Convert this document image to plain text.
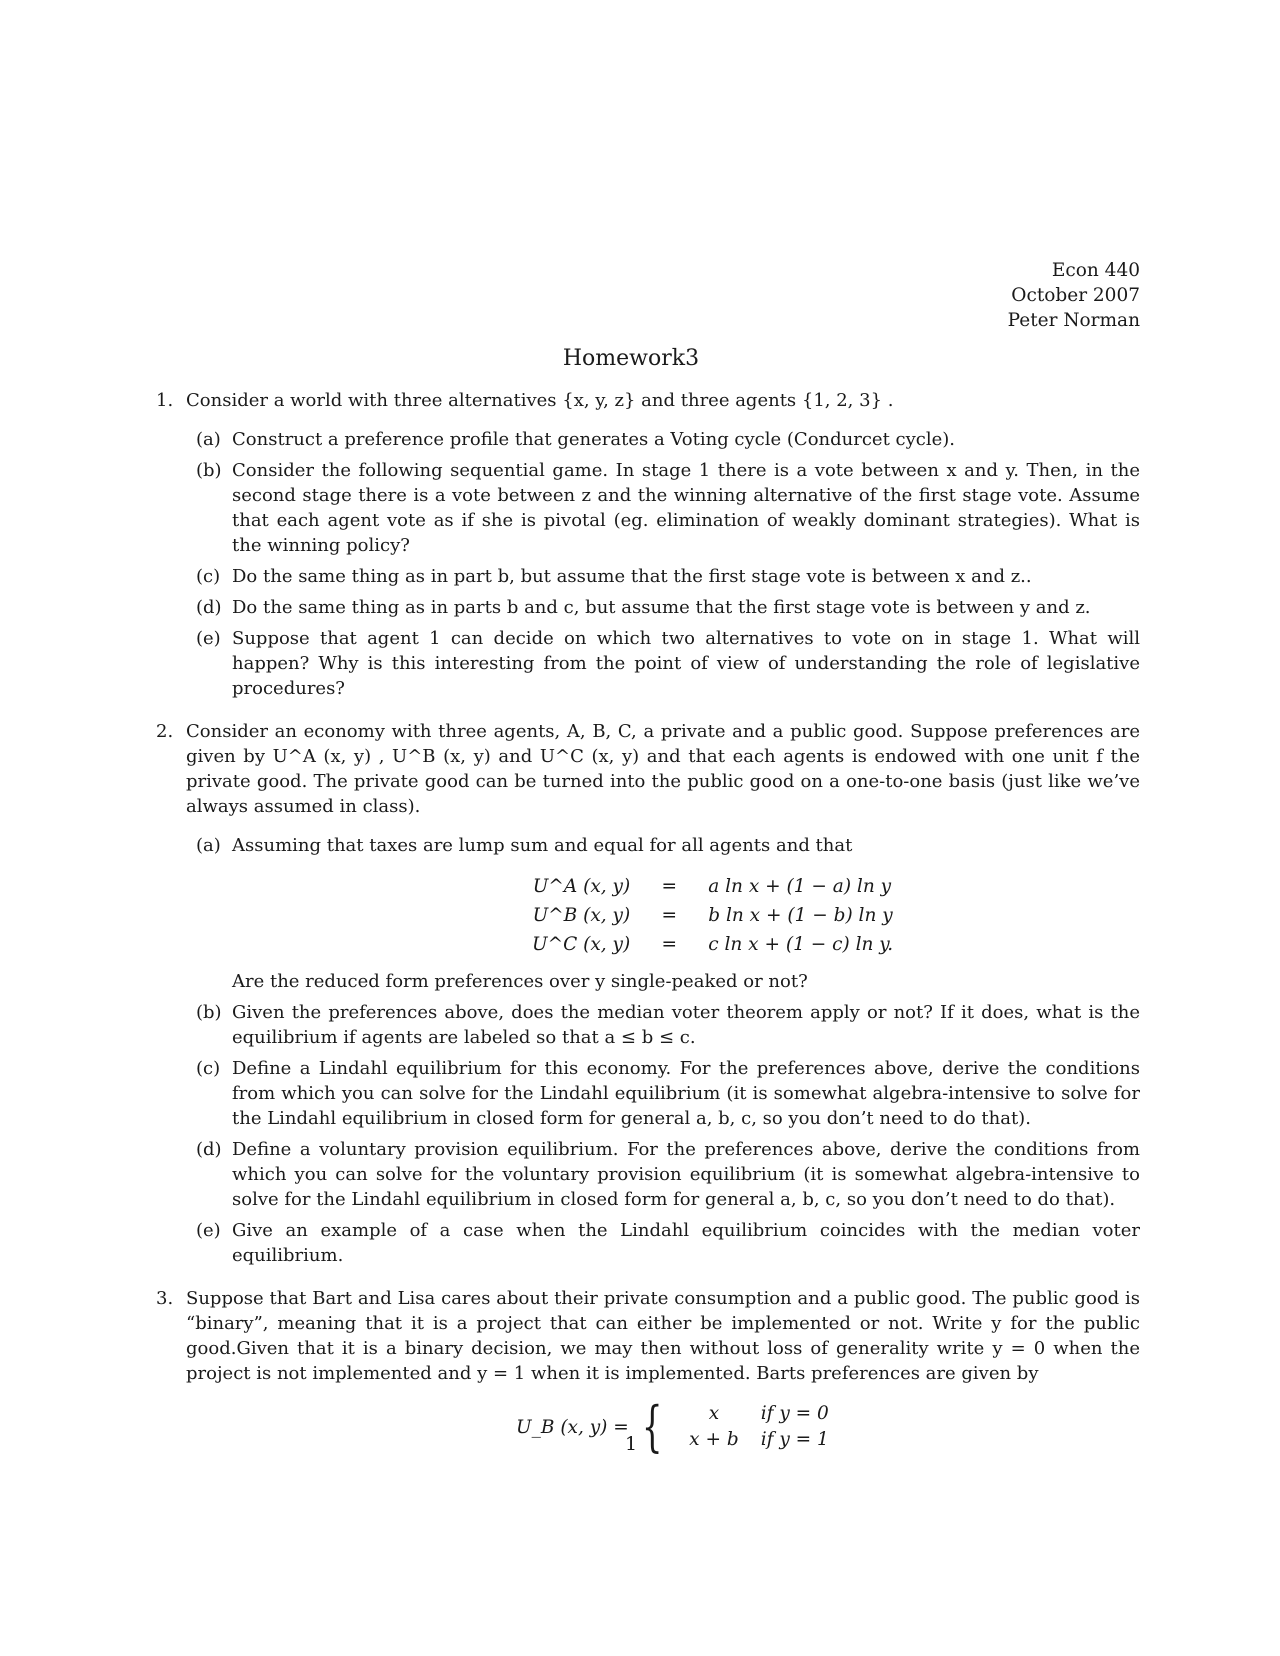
Econ 440
October 2007
Peter Norman
Homework3
1. Consider a world with three alternatives {x, y, z} and three agents {1, 2, 3} .
(a) Construct a preference profile that generates a Voting cycle (Condurcet cycle).
(b) Consider the following sequential game. In stage 1 there is a vote between x and y. Then, in the second stage there is a vote between z and the winning alternative of the first stage vote. Assume that each agent vote as if she is pivotal (eg. elimination of weakly dominant strategies). What is the winning policy?
(c) Do the same thing as in part b, but assume that the first stage vote is between x and z..
(d) Do the same thing as in parts b and c, but assume that the first stage vote is between y and z.
(e) Suppose that agent 1 can decide on which two alternatives to vote on in stage 1. What will happen? Why is this interesting from the point of view of understanding the role of legislative procedures?
2. Consider an economy with three agents, A, B, C, a private and a public good. Suppose preferences are given by U^A (x, y) , U^B (x, y) and U^C (x, y) and that each agents is endowed with one unit f the private good. The private good can be turned into the public good on a one-to-one basis (just like we’ve always assumed in class).
(a) Assuming that taxes are lump sum and equal for all agents and that
U^A (x, y)	=	a ln x + (1 − a) ln y
U^B (x, y)	=	b ln x + (1 − b) ln y
U^C (x, y)	=	c ln x + (1 − c) ln y.
Are the reduced form preferences over y single-peaked or not?
(b) Given the preferences above, does the median voter theorem apply or not? If it does, what is the equilibrium if agents are labeled so that a ≤ b ≤ c.
(c) Define a Lindahl equilibrium for this economy. For the preferences above, derive the conditions from which you can solve for the Lindahl equilibrium (it is somewhat algebra-intensive to solve for the Lindahl equilibrium in closed form for general a, b, c, so you don’t need to do that).
(d) Define a voluntary provision equilibrium. For the preferences above, derive the conditions from which you can solve for the voluntary provision equilibrium (it is somewhat algebra-intensive to solve for the Lindahl equilibrium in closed form for general a, b, c, so you don’t need to do that).
(e) Give an example of a case when the Lindahl equilibrium coincides with the median voter equilibrium.
3. Suppose that Bart and Lisa cares about their private consumption and a public good. The public good is “binary”, meaning that it is a project that can either be implemented or not. Write y for the public good.Given that it is a binary decision, we may then without loss of generality write y = 0 when the project is not implemented and y = 1 when it is implemented. Barts preferences are given by
U_B (x, y) = {	x	if y = 0
x + b	if y = 1
1
